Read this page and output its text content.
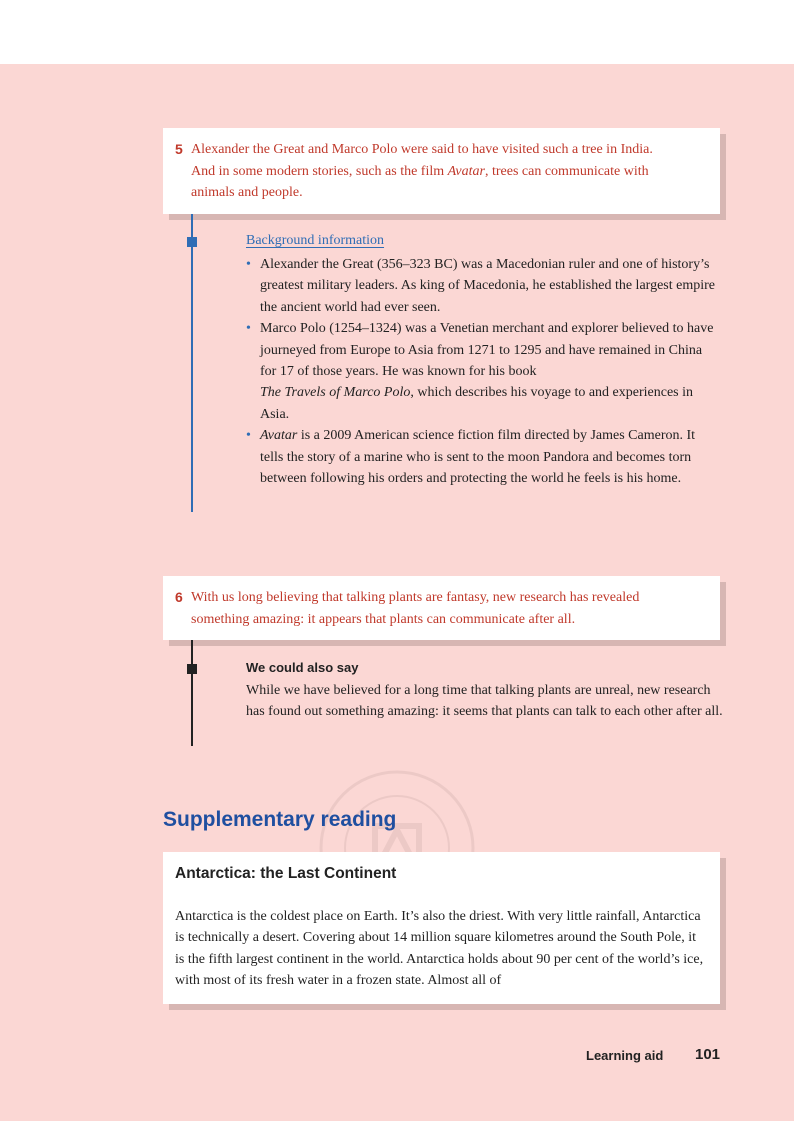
5 Alexander the Great and Marco Polo were said to have visited such a tree in India.
And in some modern stories, such as the film Avatar, trees can communicate with
animals and people.
Background information
• Alexander the Great (356–323 BC) was a Macedonian ruler and one of history’s greatest military leaders. As king of Macedonia, he established the largest empire the ancient world had ever seen.
• Marco Polo (1254–1324) was a Venetian merchant and explorer believed to have journeyed from Europe to Asia from 1271 to 1295 and have remained in China for 17 of those years. He was known for his book
The Travels of Marco Polo, which describes his voyage to and experiences in Asia.
• Avatar is a 2009 American science fiction film directed by James Cameron. It tells the story of a marine who is sent to the moon Pandora and becomes torn between following his orders and protecting the world he feels is his home.
6 With us long believing that talking plants are fantasy, new research has revealed
something amazing: it appears that plants can communicate after all.
We could also say
While we have believed for a long time that talking plants are unreal, new research has found out something amazing: it seems that plants can talk to each other after all.
Supplementary reading
Antarctica: the Last Continent
Antarctica is the coldest place on Earth. It’s also the driest. With very little rainfall, Antarctica is technically a desert. Covering about 14 million square kilometres around the South Pole, it is the fifth largest continent in the world. Antarctica holds about 90 per cent of the world’s ice, with most of its fresh water in a frozen state. Almost all of
Learning aid 101
